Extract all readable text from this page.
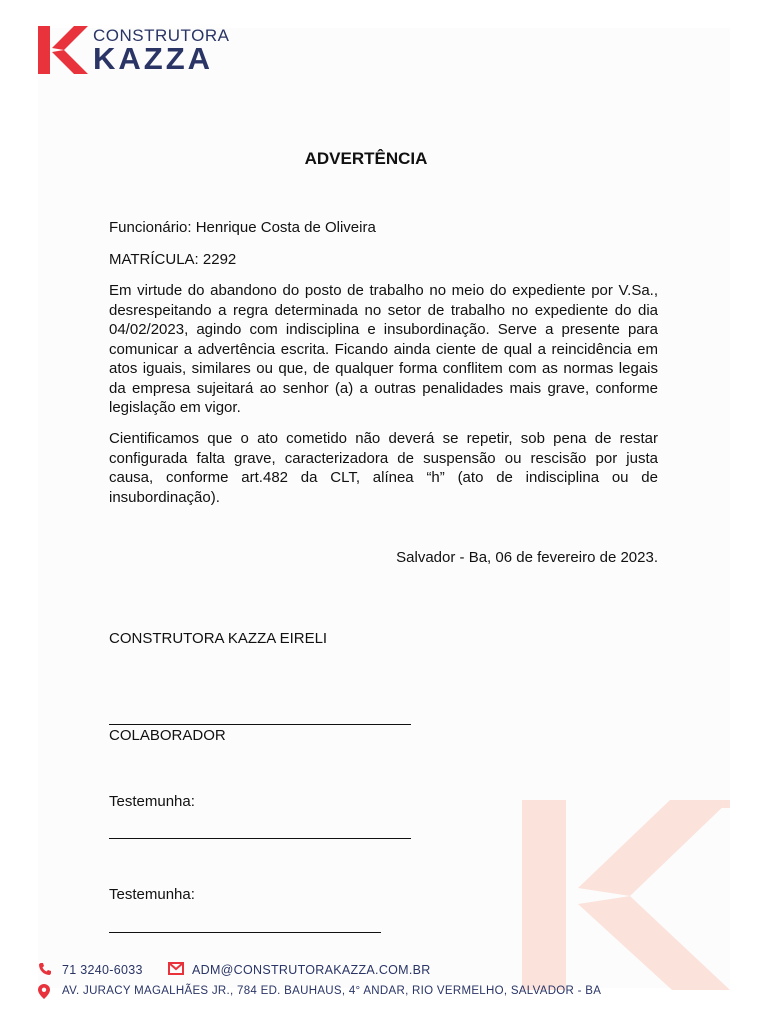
CONSTRUTORA
KAZZA
ADVERTÊNCIA
Funcionário: Henrique Costa de Oliveira
MATRÍCULA: 2292
Em virtude do abandono do posto de trabalho no meio do expediente por V.Sa., desrespeitando a regra determinada no setor de trabalho no expediente do dia 04/02/2023, agindo com indisciplina e insubordinação. Serve a presente para comunicar a advertência escrita. Ficando ainda ciente de qual a reincidência em atos iguais, similares ou que, de qualquer forma conflitem com as normas legais da empresa sujeitará ao senhor (a) a outras penalidades mais grave, conforme legislação em vigor.
Cientificamos que o ato cometido não deverá se repetir, sob pena de restar configurada falta grave, caracterizadora de suspensão ou rescisão por justa causa, conforme art.482 da CLT, alínea “h” (ato de indisciplina ou de insubordinação).
Salvador - Ba, 06 de fevereiro de 2023.
CONSTRUTORA KAZZA EIRELI
COLABORADOR
Testemunha:
Testemunha:
71 3240-6033	ADM@CONSTRUTORAKAZZA.COM.BR
AV. JURACY MAGALHÃES JR., 784 ED. BAUHAUS, 4° ANDAR, RIO VERMELHO, SALVADOR - BA
